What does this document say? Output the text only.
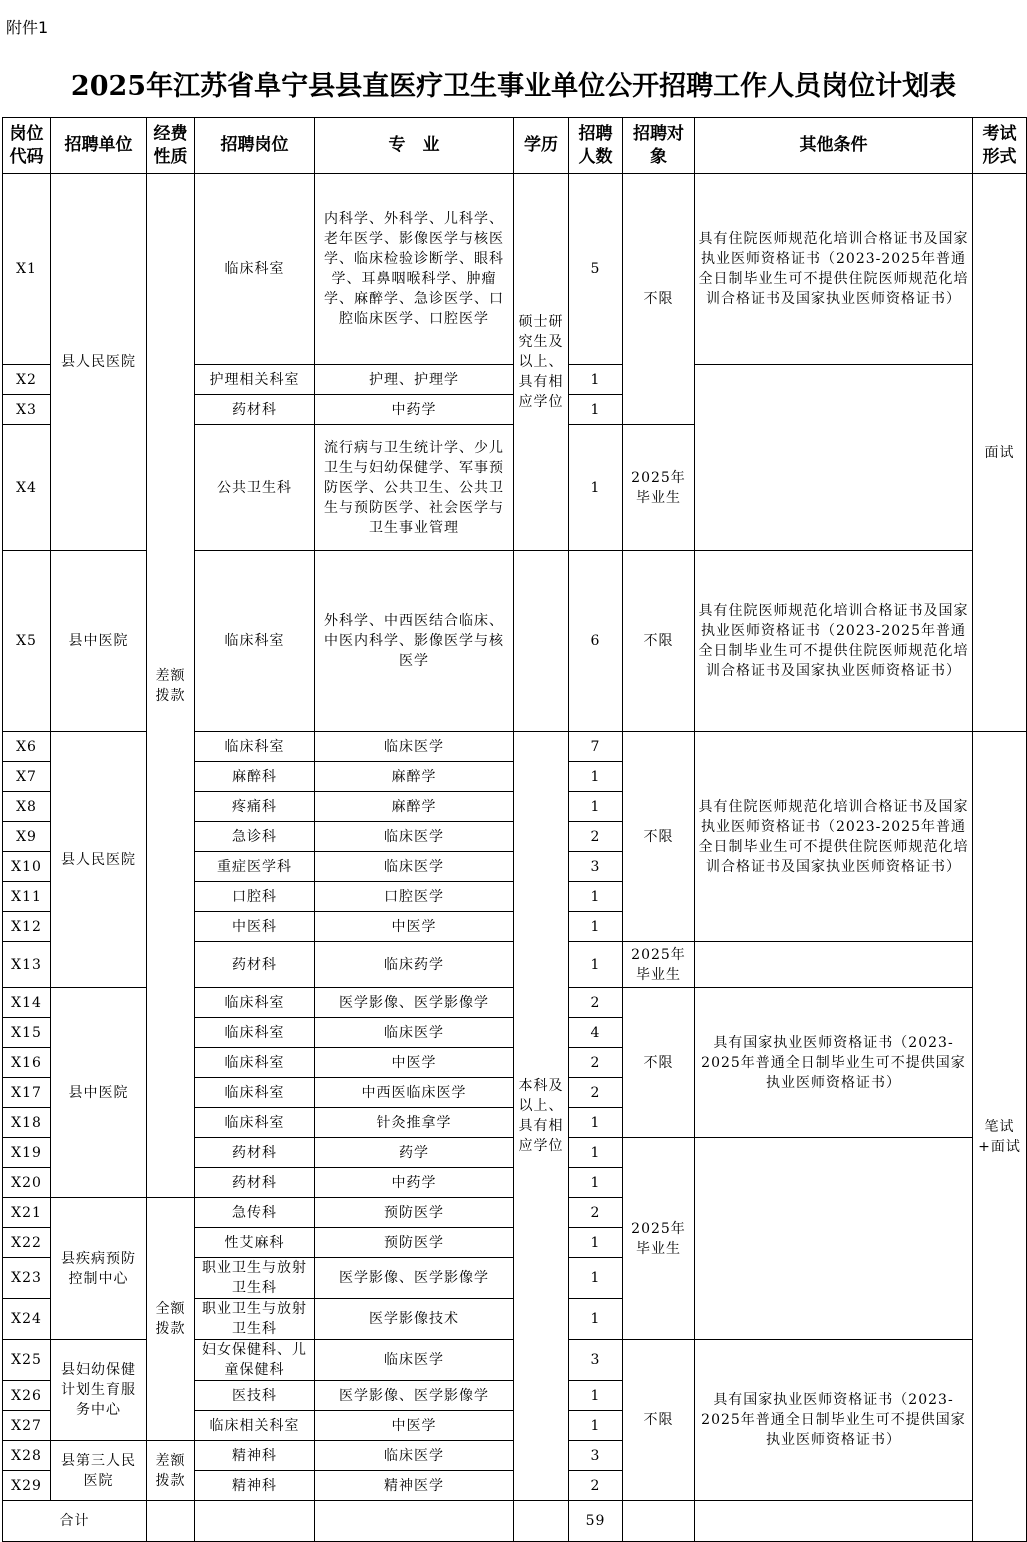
附件1
2025年江苏省阜宁县县直医疗卫生事业单位公开招聘工作人员岗位计划表
岗位代码	招聘单位	经费性质	招聘岗位	专　业	学历	招聘人数	招聘对象	其他条件	考试形式	
X1	县人民医院	差额拨款	临床科室	内科学、外科学、儿科学、老年医学、影像医学与核医学、临床检验诊断学、眼科学、耳鼻咽喉科学、肿瘤学、麻醉学、急诊医学、口腔临床医学、口腔医学	硕士研究生及以上、具有相应学位	5	不限	具有住院医师规范化培训合格证书及国家执业医师资格证书（2023-2025年普通全日制毕业生可不提供住院医师规范化培训合格证书及国家执业医师资格证书）	面试	
X2			护理相关科室	护理、护理学		1				
X3			药材科	中药学		1				
X4			公共卫生科	流行病与卫生统计学、少儿卫生与妇幼保健学、军事预防医学、公共卫生、公共卫生与预防医学、社会医学与卫生事业管理		1	2025年毕业生			
X5	县中医院		临床科室	外科学、中西医结合临床、中医内科学、影像医学与核医学		6	不限	具有住院医师规范化培训合格证书及国家执业医师资格证书（2023-2025年普通全日制毕业生可不提供住院医师规范化培训合格证书及国家执业医师资格证书）		
X6	县人民医院		临床科室	临床医学	本科及以上、具有相应学位	7	不限	具有住院医师规范化培训合格证书及国家执业医师资格证书（2023-2025年普通全日制毕业生可不提供住院医师规范化培训合格证书及国家执业医师资格证书）	笔试+面试	
X7			麻醉科	麻醉学		1				
X8			疼痛科	麻醉学		1				
X9			急诊科	临床医学		2				
X10			重症医学科	临床医学		3				
X11			口腔科	口腔医学		1				
X12			中医科	中医学		1				
X13			药材科	临床药学		1	2025年毕业生			
X14	县中医院		临床科室	医学影像、医学影像学		2	不限	具有国家执业医师资格证书（2023-2025年普通全日制毕业生可不提供国家执业医师资格证书）		
X15			临床科室	临床医学		4				
X16			临床科室	中医学		2				
X17			临床科室	中西医临床医学		2				
X18			临床科室	针灸推拿学		1				
X19			药材科	药学		1	2025年毕业生			
X20			药材科	中药学		1				
X21	县疾病预防控制中心	全额拨款	急传科	预防医学		2				
X22			性艾麻科	预防医学		1				
X23			职业卫生与放射卫生科	医学影像、医学影像学		1				
X24			职业卫生与放射卫生科	医学影像技术		1				
X25	县妇幼保健计划生育服务中心		妇女保健科、儿童保健科	临床医学		3	不限	具有国家执业医师资格证书（2023-2025年普通全日制毕业生可不提供国家执业医师资格证书）		
X26			医技科	医学影像、医学影像学		1				
X27			临床相关科室	中医学		1				
X28	县第三人民医院	差额拨款	精神科	临床医学		3				
X29			精神科	精神医学		2				
合计						59				
